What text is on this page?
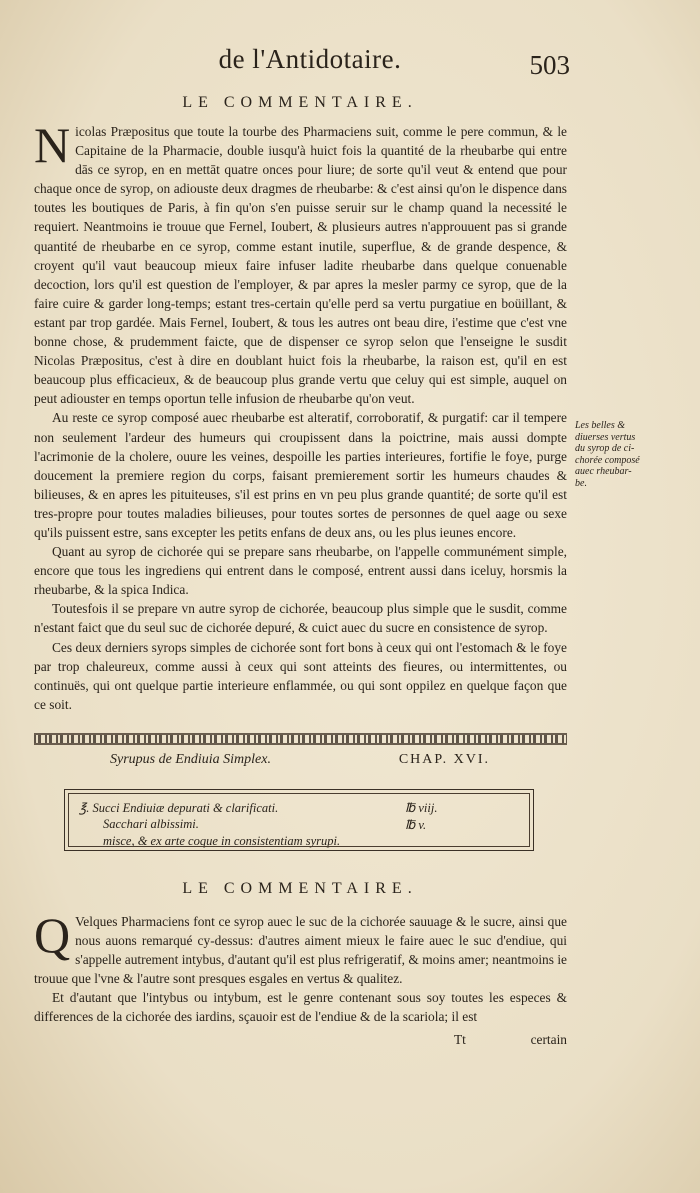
de l'Antidotaire.	503
LE COMMENTAIRE.

Nicolas Præpositus que toute la tourbe des Pharmaciens suit, comme le pere commun, & le Capitaine de la Pharmacie, double iusqu'à huict fois la quantité de la rheubarbe qui entre dās ce syrop, en en mettāt quatre onces pour liure; de sorte qu'il veut & entend que pour chaque once de syrop, on adiouste deux dragmes de rheubarbe: & c'est ainsi qu'on le dispence dans toutes les boutiques de Paris, à fin qu'on s'en puisse seruir sur le champ quand la necessité le requiert. Neantmoins ie trouue que Fernel, Ioubert, & plusieurs autres n'approuuent pas si grande quantité de rheubarbe en ce syrop, comme estant inutile, superflue, & de grande despence, & croyent qu'il vaut beaucoup mieux faire infuser ladite rheubarbe dans quelque conuenable decoction, lors qu'il est question de l'employer, & par apres la mesler parmy ce syrop, que de la faire cuire & garder long-temps; estant tres-certain qu'elle perd sa vertu purgatiue en boüillant, & estant par trop gardée. Mais Fernel, Ioubert, & tous les autres ont beau dire, i'estime que c'est vne bonne chose, & prudemment faicte, que de dispenser ce syrop selon que l'enseigne le susdit Nicolas Præpositus, c'est à dire en doublant huict fois la rheubarbe, la raison est, qu'il en est beaucoup plus efficacieux, & de beaucoup plus grande vertu que celuy qui est simple, auquel on peut adiouster en temps oportun telle infusion de rheubarbe qu'on veut.

Au reste ce syrop composé auec rheubarbe est alteratif, corroboratif, & purgatif: car il tempere non seulement l'ardeur des humeurs qui croupissent dans la poictrine, mais aussi dompte l'acrimonie de la cholere, ouure les veines, despoille les parties interieures, fortifie le foye, purge doucement la premiere region du corps, faisant premierement sortir les humeurs chaudes & bilieuses, & en apres les pituiteuses, s'il est prins en vn peu plus grande quantité; de sorte qu'il est tres-propre pour toutes maladies bilieuses, pour toutes sortes de personnes de quel aage ou sexe qu'ils puissent estre, sans excepter les petits enfans de deux ans, ou les plus ieunes encore.

Quant au syrop de cichorée qui se prepare sans rheubarbe, on l'appelle communément simple, encore que tous les ingrediens qui entrent dans le composé, entrent aussi dans iceluy, horsmis la rheubarbe, & la spica Indica.

Toutesfois il se prepare vn autre syrop de cichorée, beaucoup plus simple que le susdit, comme n'estant faict que du seul suc de cichorée depuré, & cuict auec du sucre en consistence de syrop.

Ces deux derniers syrops simples de cichorée sont fort bons à ceux qui ont l'estomach & le foye par trop chaleureux, comme aussi à ceux qui sont atteints des fieures, ou intermittentes, ou continuës, qui ont quelque partie interieure enflammée, ou qui sont oppilez en quelque façon que ce soit.

Les belles &
diuerses vertus
du syrop de ci-
chorée composé
auec rheubar-
be.
Syrupus de Endiuia Simplex.	CHAP. XVI.
℥. Succi Endiuiæ depurati & clarificati.	℔ viij.
Sacchari albissimi.	℔ v.
misce, & ex arte coque in consistentiam syrupi.
LE COMMENTAIRE.

Q Velques Pharmaciens font ce syrop auec le suc de la cichorée sauuage & le sucre, ainsi que nous auons remarqué cy-dessus: d'autres aiment mieux le faire auec le suc d'endiue, qui s'appelle autrement intybus, d'autant qu'il est plus refrigeratif, & moins amer; neantmoins ie trouue que l'vne & l'autre sont presques esgales en vertus & qualitez.

Et d'autant que l'intybus ou intybum, est le genre contenant sous soy toutes les especes & differences de la cichorée des iardins, sçauoir est de l'endiue & de la scariola; il est

Tt	certain
